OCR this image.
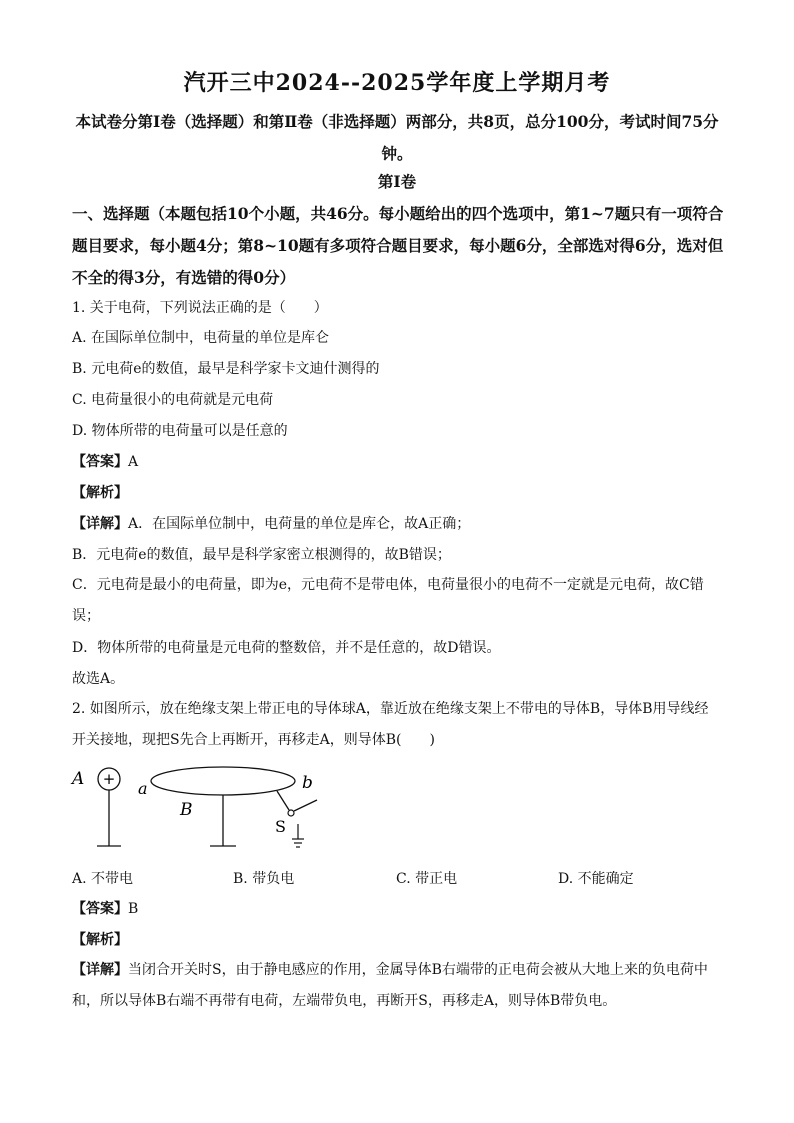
汽开三中2024--2025学年度上学期月考
本试卷分第Ⅰ卷（选择题）和第Ⅱ卷（非选择题）两部分，共8页，总分100分，考试时间75分钟。
第Ⅰ卷
一、选择题（本题包括10个小题，共46分。每小题给出的四个选项中，第1~7题只有一项符合题目要求，每小题4分；第8~10题有多项符合题目要求，每小题6分，全部选对得6分，选对但不全的得3分，有选错的得0分）
1. 关于电荷，下列说法正确的是（　　）
A. 在国际单位制中，电荷量的单位是库仑
B. 元电荷e的数值，最早是科学家卡文迪什测得的
C. 电荷量很小的电荷就是元电荷
D. 物体所带的电荷量可以是任意的
【答案】A
【解析】
【详解】A．在国际单位制中，电荷量的单位是库仑，故A正确；
B．元电荷e的数值，最早是科学家密立根测得的，故B错误；
C．元电荷是最小的电荷量，即为e，元电荷不是带电体，电荷量很小的电荷不一定就是元电荷，故C错误；
D．物体所带的电荷量是元电荷的整数倍，并不是任意的，故D错误。
故选A。
2. 如图所示，放在绝缘支架上带正电的导体球A，靠近放在绝缘支架上不带电的导体B，导体B用导线经开关接地，现把S先合上再断开，再移走A，则导体B(　　)
A + a	b
B
S
A. 不带电	B. 带负电	C. 带正电	D. 不能确定
【答案】B
【解析】
【详解】当闭合开关时S，由于静电感应的作用，金属导体B右端带的正电荷会被从大地上来的负电荷中和，所以导体B右端不再带有电荷，左端带负电，再断开S，再移走A，则导体B带负电。
